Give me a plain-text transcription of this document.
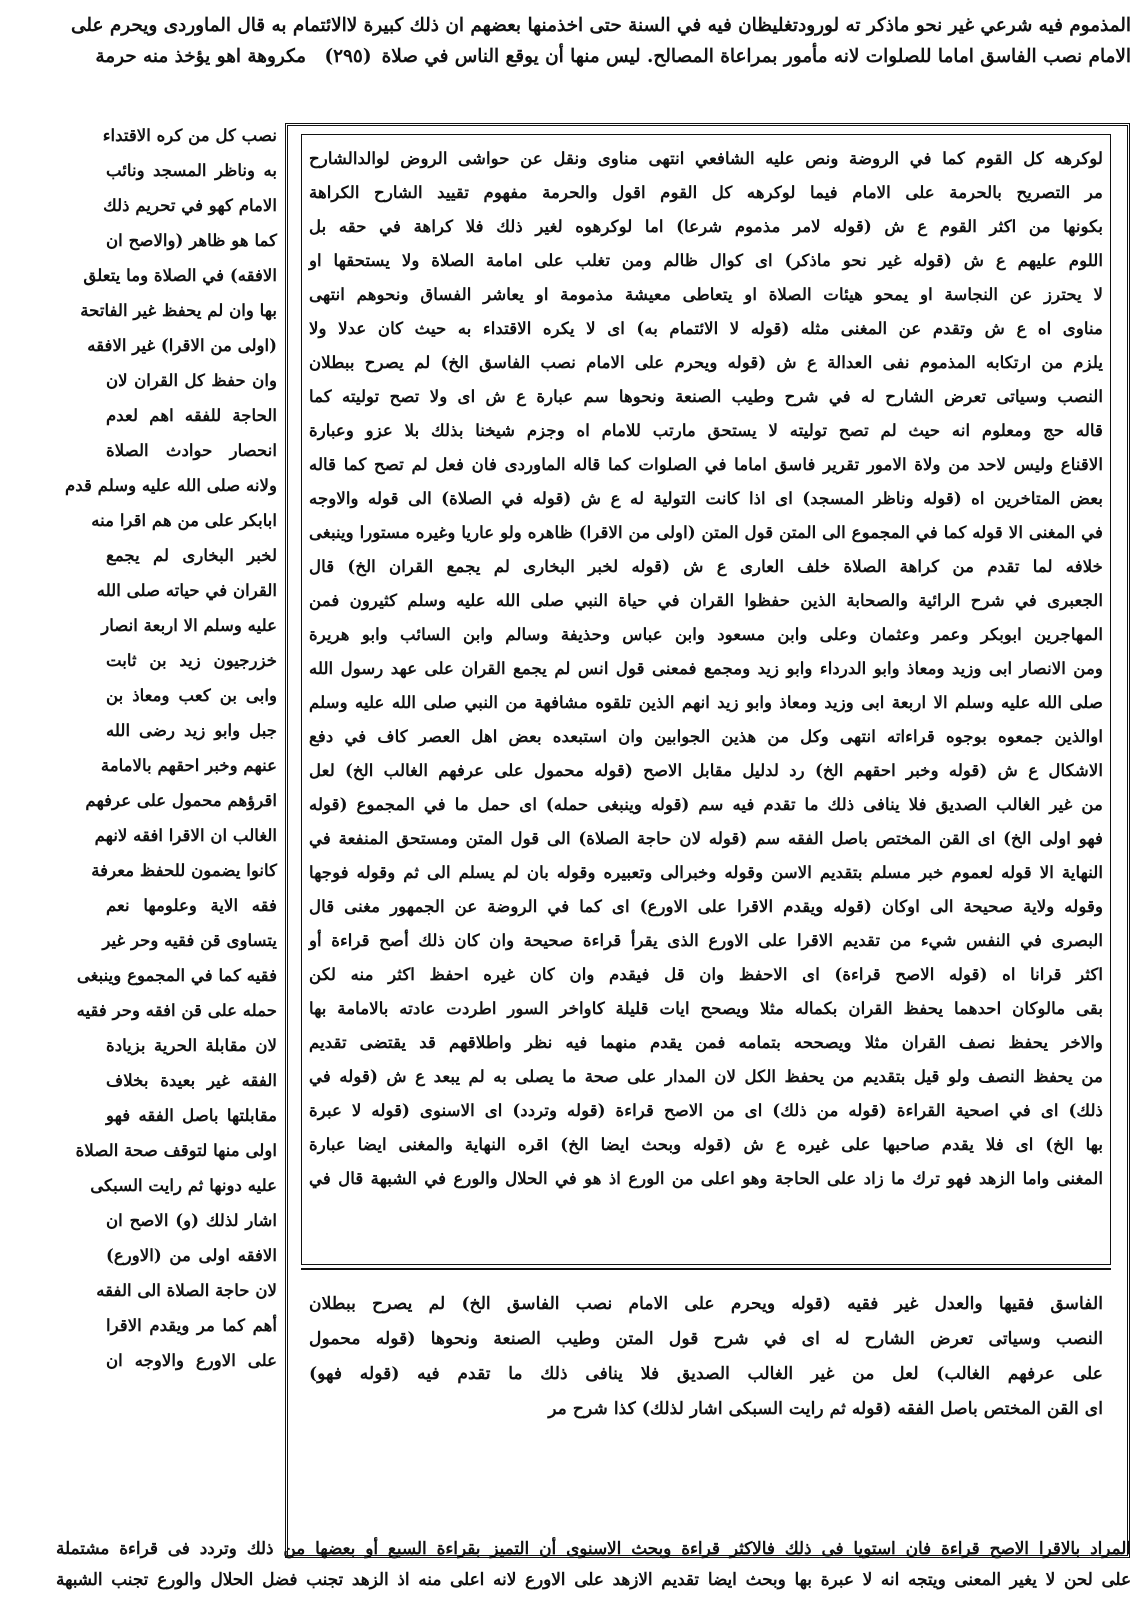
المذموم فيه شرعي غير نحو ماذكر ته لورودتغليظان فيه في السنة حتى اخذمنها بعضهم ان ذلك كبيرة لاالائتمام به قال الماوردى ويحرم على
الامام نصب الفاسق اماما للصلوات لانه مأمور بمراعاة المصالح. ليس منها أن يوقع الناس في صلاة
(٢٩٥)
مكروهة اهو يؤخذ منه حرمة
لوكرهه كل القوم كما في الروضة ونص عليه الشافعي انتهى مناوى ونقل عن حواشى الروض لوالدالشارح
مر التصريح بالحرمة على الامام فيما لوكرهه كل القوم اقول والحرمة مفهوم تقييد الشارح الكراهة
بكونها من اكثر القوم ع ش (قوله لامر مذموم شرعا) اما لوكرهوه لغير ذلك فلا كراهة في حقه بل
اللوم عليهم ع ش (قوله غير نحو ماذكر) اى كوال ظالم ومن تغلب على امامة الصلاة ولا يستحقها او
لا يحترز عن النجاسة او يمحو هيئات الصلاة او يتعاطى معيشة مذمومة او يعاشر الفساق ونحوهم انتهى
مناوى اه ع ش وتقدم عن المغنى مثله (قوله لا الائتمام به) اى لا يكره الاقتداء به حيث كان عدلا ولا
يلزم من ارتكابه المذموم نفى العدالة ع ش (قوله ويحرم على الامام نصب الفاسق الخ) لم يصرح ببطلان
النصب وسياتى تعرض الشارح له في شرح وطيب الصنعة ونحوها سم عبارة ع ش اى ولا تصح توليته كما
قاله حج ومعلوم انه حيث لم تصح توليته لا يستحق مارتب للامام اه وجزم شيخنا بذلك بلا عزو وعبارة
الاقناع وليس لاحد من ولاة الامور تقرير فاسق اماما في الصلوات كما قاله الماوردى فان فعل لم تصح كما قاله
بعض المتاخرين اه (قوله وناظر المسجد) اى اذا كانت التولية له ع ش (قوله في الصلاة) الى قوله والاوجه
في المغنى الا قوله كما في المجموع الى المتن قول المتن (اولى من الاقرا) ظاهره ولو عاريا وغيره مستورا وينبغى
خلافه لما تقدم من كراهة الصلاة خلف العارى ع ش (قوله لخبر البخارى لم يجمع القران الخ) قال
الجعبرى في شرح الرائية والصحابة الذين حفظوا القران في حياة النبي صلى الله عليه وسلم كثيرون فمن
المهاجرين ابوبكر وعمر وعثمان وعلى وابن مسعود وابن عباس وحذيفة وسالم وابن السائب وابو هريرة
ومن الانصار ابى وزيد ومعاذ وابو الدرداء وابو زيد ومجمع فمعنى قول انس لم يجمع القران على عهد رسول الله
صلى الله عليه وسلم الا اربعة ابى وزيد ومعاذ وابو زيد انهم الذين تلقوه مشافهة من النبي صلى الله عليه وسلم
اوالذين جمعوه بوجوه قراءاته انتهى وكل من هذين الجوابين وان استبعده بعض اهل العصر كاف في دفع
الاشكال ع ش (قوله وخبر احقهم الخ) رد لدليل مقابل الاصح (قوله محمول على عرفهم الغالب الخ) لعل
من غير الغالب الصديق فلا ينافى ذلك ما تقدم فيه سم (قوله وينبغى حمله) اى حمل ما في المجموع (قوله
فهو اولى الخ) اى القن المختص باصل الفقه سم (قوله لان حاجة الصلاة) الى قول المتن ومستحق المنفعة في
النهاية الا قوله لعموم خبر مسلم بتقديم الاسن وقوله وخبرالى وتعبيره وقوله بان لم يسلم الى ثم وقوله فوجها
وقوله ولاية صحيحة الى اوكان (قوله ويقدم الاقرا على الاورع) اى كما في الروضة عن الجمهور مغنى قال
البصرى في النفس شيء من تقديم الاقرا على الاورع الذى يقرأ قراءة صحيحة وان كان ذلك أصح قراءة أو
اكثر قرانا اه (قوله الاصح قراءة) اى الاحفظ وان قل فيقدم وان كان غيره احفظ اكثر منه لكن
بقى مالوكان احدهما يحفظ القران بكماله مثلا ويصحح ايات قليلة كاواخر السور اطردت عادته بالامامة بها
والاخر يحفظ نصف القران مثلا ويصححه بتمامه فمن يقدم منهما فيه نظر واطلاقهم قد يقتضى تقديم
من يحفظ النصف ولو قيل بتقديم من يحفظ الكل لان المدار على صحة ما يصلى به لم يبعد ع ش (قوله في
ذلك) اى في اصحية القراءة (قوله من ذلك) اى من الاصح قراءة (قوله وتردد) اى الاسنوى (قوله لا عبرة
بها الخ) اى فلا يقدم صاحبها على غيره ع ش (قوله وبحث ايضا الخ) اقره النهاية والمغنى ايضا عبارة
المغنى واما الزهد فهو ترك ما زاد على الحاجة وهو اعلى من الورع اذ هو في الحلال والورع في الشبهة قال في
الفاسق فقيها والعدل غير فقيه (قوله ويحرم على الامام نصب الفاسق الخ) لم يصرح ببطلان
النصب وسياتى تعرض الشارح له اى في شرح قول المتن وطيب الصنعة ونحوها (قوله محمول
على عرفهم الغالب) لعل من غير الغالب الصديق فلا ينافى ذلك ما تقدم فيه (قوله فهو)
اى القن المختص باصل الفقه (قوله ثم رايت السبكى اشار لذلك) كذا شرح مر
نصب كل من كره الاقتداء
به وناظر المسجد ونائب
الامام كهو في تحريم ذلك
كما هو ظاهر (والاصح ان
الافقه) في الصلاة وما يتعلق
بها وان لم يحفظ غير الفاتحة
(اولى من الاقرا) غير الافقه
وان حفظ كل القران لان
الحاجة للفقه اهم لعدم
انحصار حوادث الصلاة
ولانه صلى الله عليه وسلم قدم
ابابكر على من هم اقرا منه
لخبر البخارى لم يجمع
القران في حياته صلى الله
عليه وسلم الا اربعة انصار
خزرجيون زيد بن ثابت
وابى بن كعب ومعاذ بن
جبل وابو زيد رضى الله
عنهم وخبر احقهم بالامامة
اقرؤهم محمول على عرفهم
الغالب ان الاقرا افقه لانهم
كانوا يضمون للحفظ معرفة
فقه الاية وعلومها نعم
يتساوى قن فقيه وحر غير
فقيه كما في المجموع وينبغى
حمله على قن افقه وحر فقيه
لان مقابلة الحرية بزيادة
الفقه غير بعيدة بخلاف
مقابلتها باصل الفقه فهو
اولى منها لتوقف صحة الصلاة
عليه دونها ثم رايت السبكى
اشار لذلك (و) الاصح ان
الافقه اولى من (الاورع)
لان حاجة الصلاة الى الفقه
أهم كما مر ويقدم الاقرا
على الاورع والاوجه ان
المراد بالاقرا الاصح قراءة فان استويا فى ذلك فالاكثر قراءة وبحث الاسنوى أن التميز بقراءة السبع أو بعضها من ذلك وتردد فى قراءة مشتملة
على لحن لا يغير المعنى ويتجه انه لا عبرة بها وبحث ايضا تقديم الازهد على الاورع لانه اعلى منه اذ الزهد تجنب فضل الحلال والورع تجنب الشبهة
